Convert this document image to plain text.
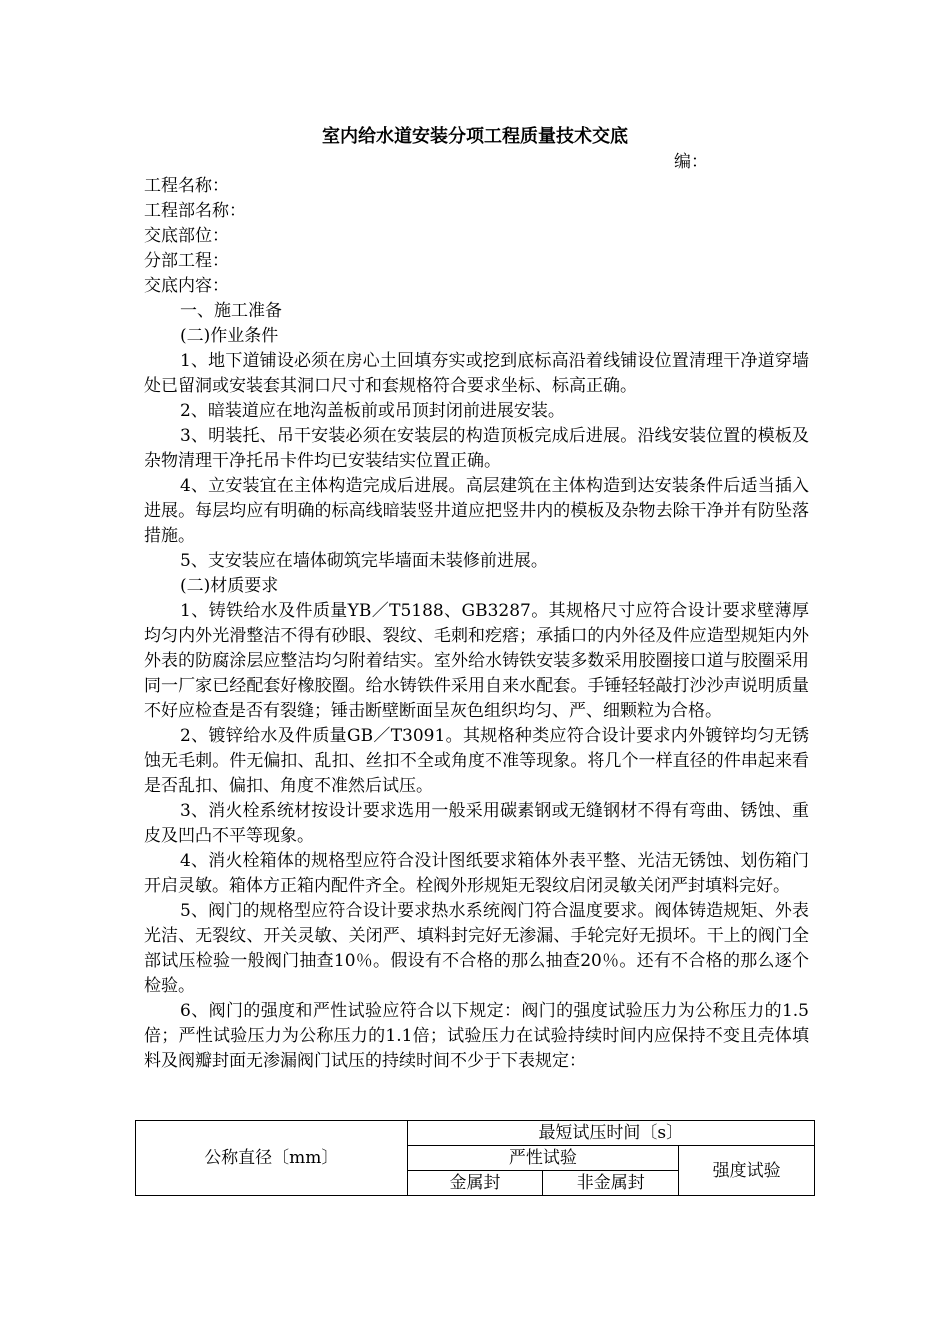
室内给水道安装分项工程质量技术交底
编：

工程名称：

工程部名称：

交底部位：

分部工程：

交底内容：

一、施工准备

(二)作业条件

1、地下道铺设必须在房心土回填夯实或挖到底标高沿着线铺设位置清理干净道穿墙处已留洞或安装套其洞口尺寸和套规格符合要求坐标、标高正确。

2、暗装道应在地沟盖板前或吊顶封闭前进展安装。

3、明装托、吊干安装必须在安装层的构造顶板完成后进展。沿线安装位置的模板及杂物清理干净托吊卡件均已安装结实位置正确。

4、立安装宜在主体构造完成后进展。高层建筑在主体构造到达安装条件后适当插入进展。每层均应有明确的标高线暗装竖井道应把竖井内的模板及杂物去除干净并有防坠落措施。

5、支安装应在墙体砌筑完毕墙面未装修前进展。

(二)材质要求

1、铸铁给水及件质量YB／T5188、GB3287。其规格尺寸应符合设计要求壁薄厚均匀内外光滑整洁不得有砂眼、裂纹、毛刺和疙瘩；承插口的内外径及件应造型规矩内外外表的防腐涂层应整洁均匀附着结实。室外给水铸铁安装多数采用胶圈接口道与胶圈采用同一厂家已经配套好橡胶圈。给水铸铁件采用自来水配套。手锤轻轻敲打沙沙声说明质量不好应检查是否有裂缝；锤击断壁断面呈灰色组织均匀、严、细颗粒为合格。

2、镀锌给水及件质量GB／T3091。其规格种类应符合设计要求内外镀锌均匀无锈蚀无毛刺。件无偏扣、乱扣、丝扣不全或角度不准等现象。将几个一样直径的件串起来看是否乱扣、偏扣、角度不准然后试压。

3、消火栓系统材按设计要求选用一般采用碳素钢或无缝钢材不得有弯曲、锈蚀、重皮及凹凸不平等现象。

4、消火栓箱体的规格型应符合没计图纸要求箱体外表平整、光洁无锈蚀、划伤箱门开启灵敏。箱体方正箱内配件齐全。栓阀外形规矩无裂纹启闭灵敏关闭严封填料完好。

5、阀门的规格型应符合设计要求热水系统阀门符合温度要求。阀体铸造规矩、外表光洁、无裂纹、开关灵敏、关闭严、填料封完好无渗漏、手轮完好无损坏。干上的阀门全部试压检验一般阀门抽查10％。假设有不合格的那么抽查20％。还有不合格的那么逐个检验。

6、阀门的强度和严性试验应符合以下规定：阀门的强度试验压力为公称压力的1.5倍；严性试验压力为公称压力的1.1倍；试验压力在试验持续时间内应保持不变且壳体填料及阀瓣封面无渗漏阀门试压的持续时间不少于下表规定：

公称直径〔mm〕	最短试压时间〔s〕		
	严性试验		强度试验
	金属封	非金属封	
